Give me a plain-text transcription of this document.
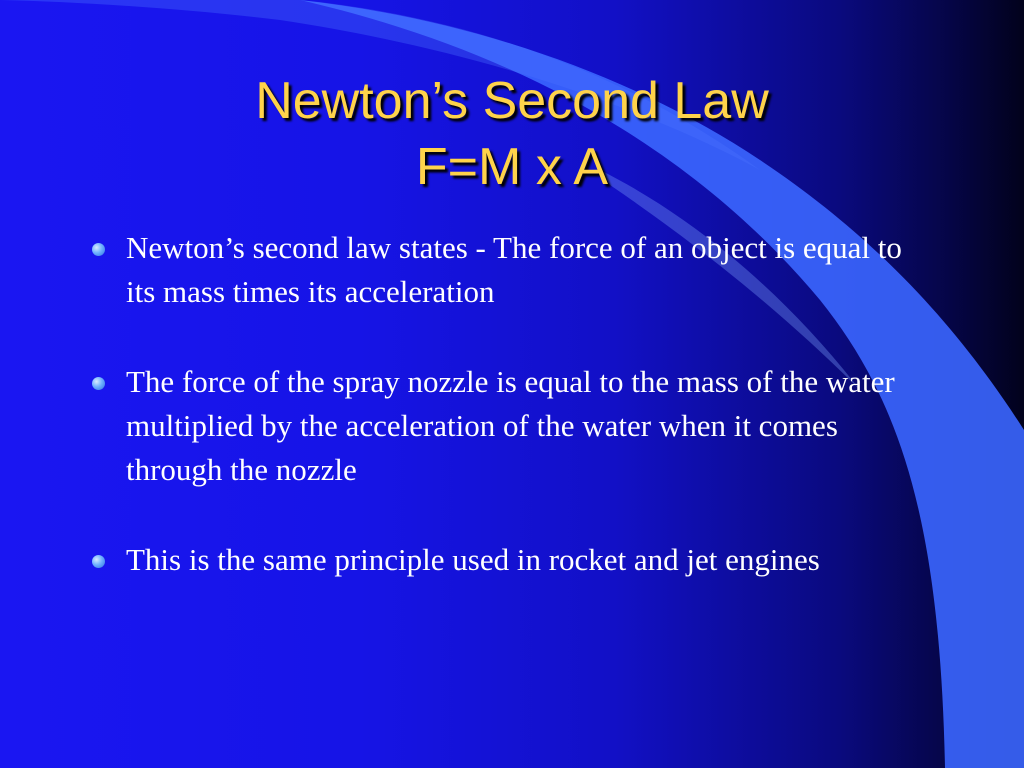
Newton’s Second Law
F=M x A
Newton’s second law states - The force of an object is equal to its mass times its acceleration
The force of the spray nozzle is equal to the mass of the water multiplied by the acceleration of the water when it comes through the nozzle
This is the same principle used in rocket and jet engines
